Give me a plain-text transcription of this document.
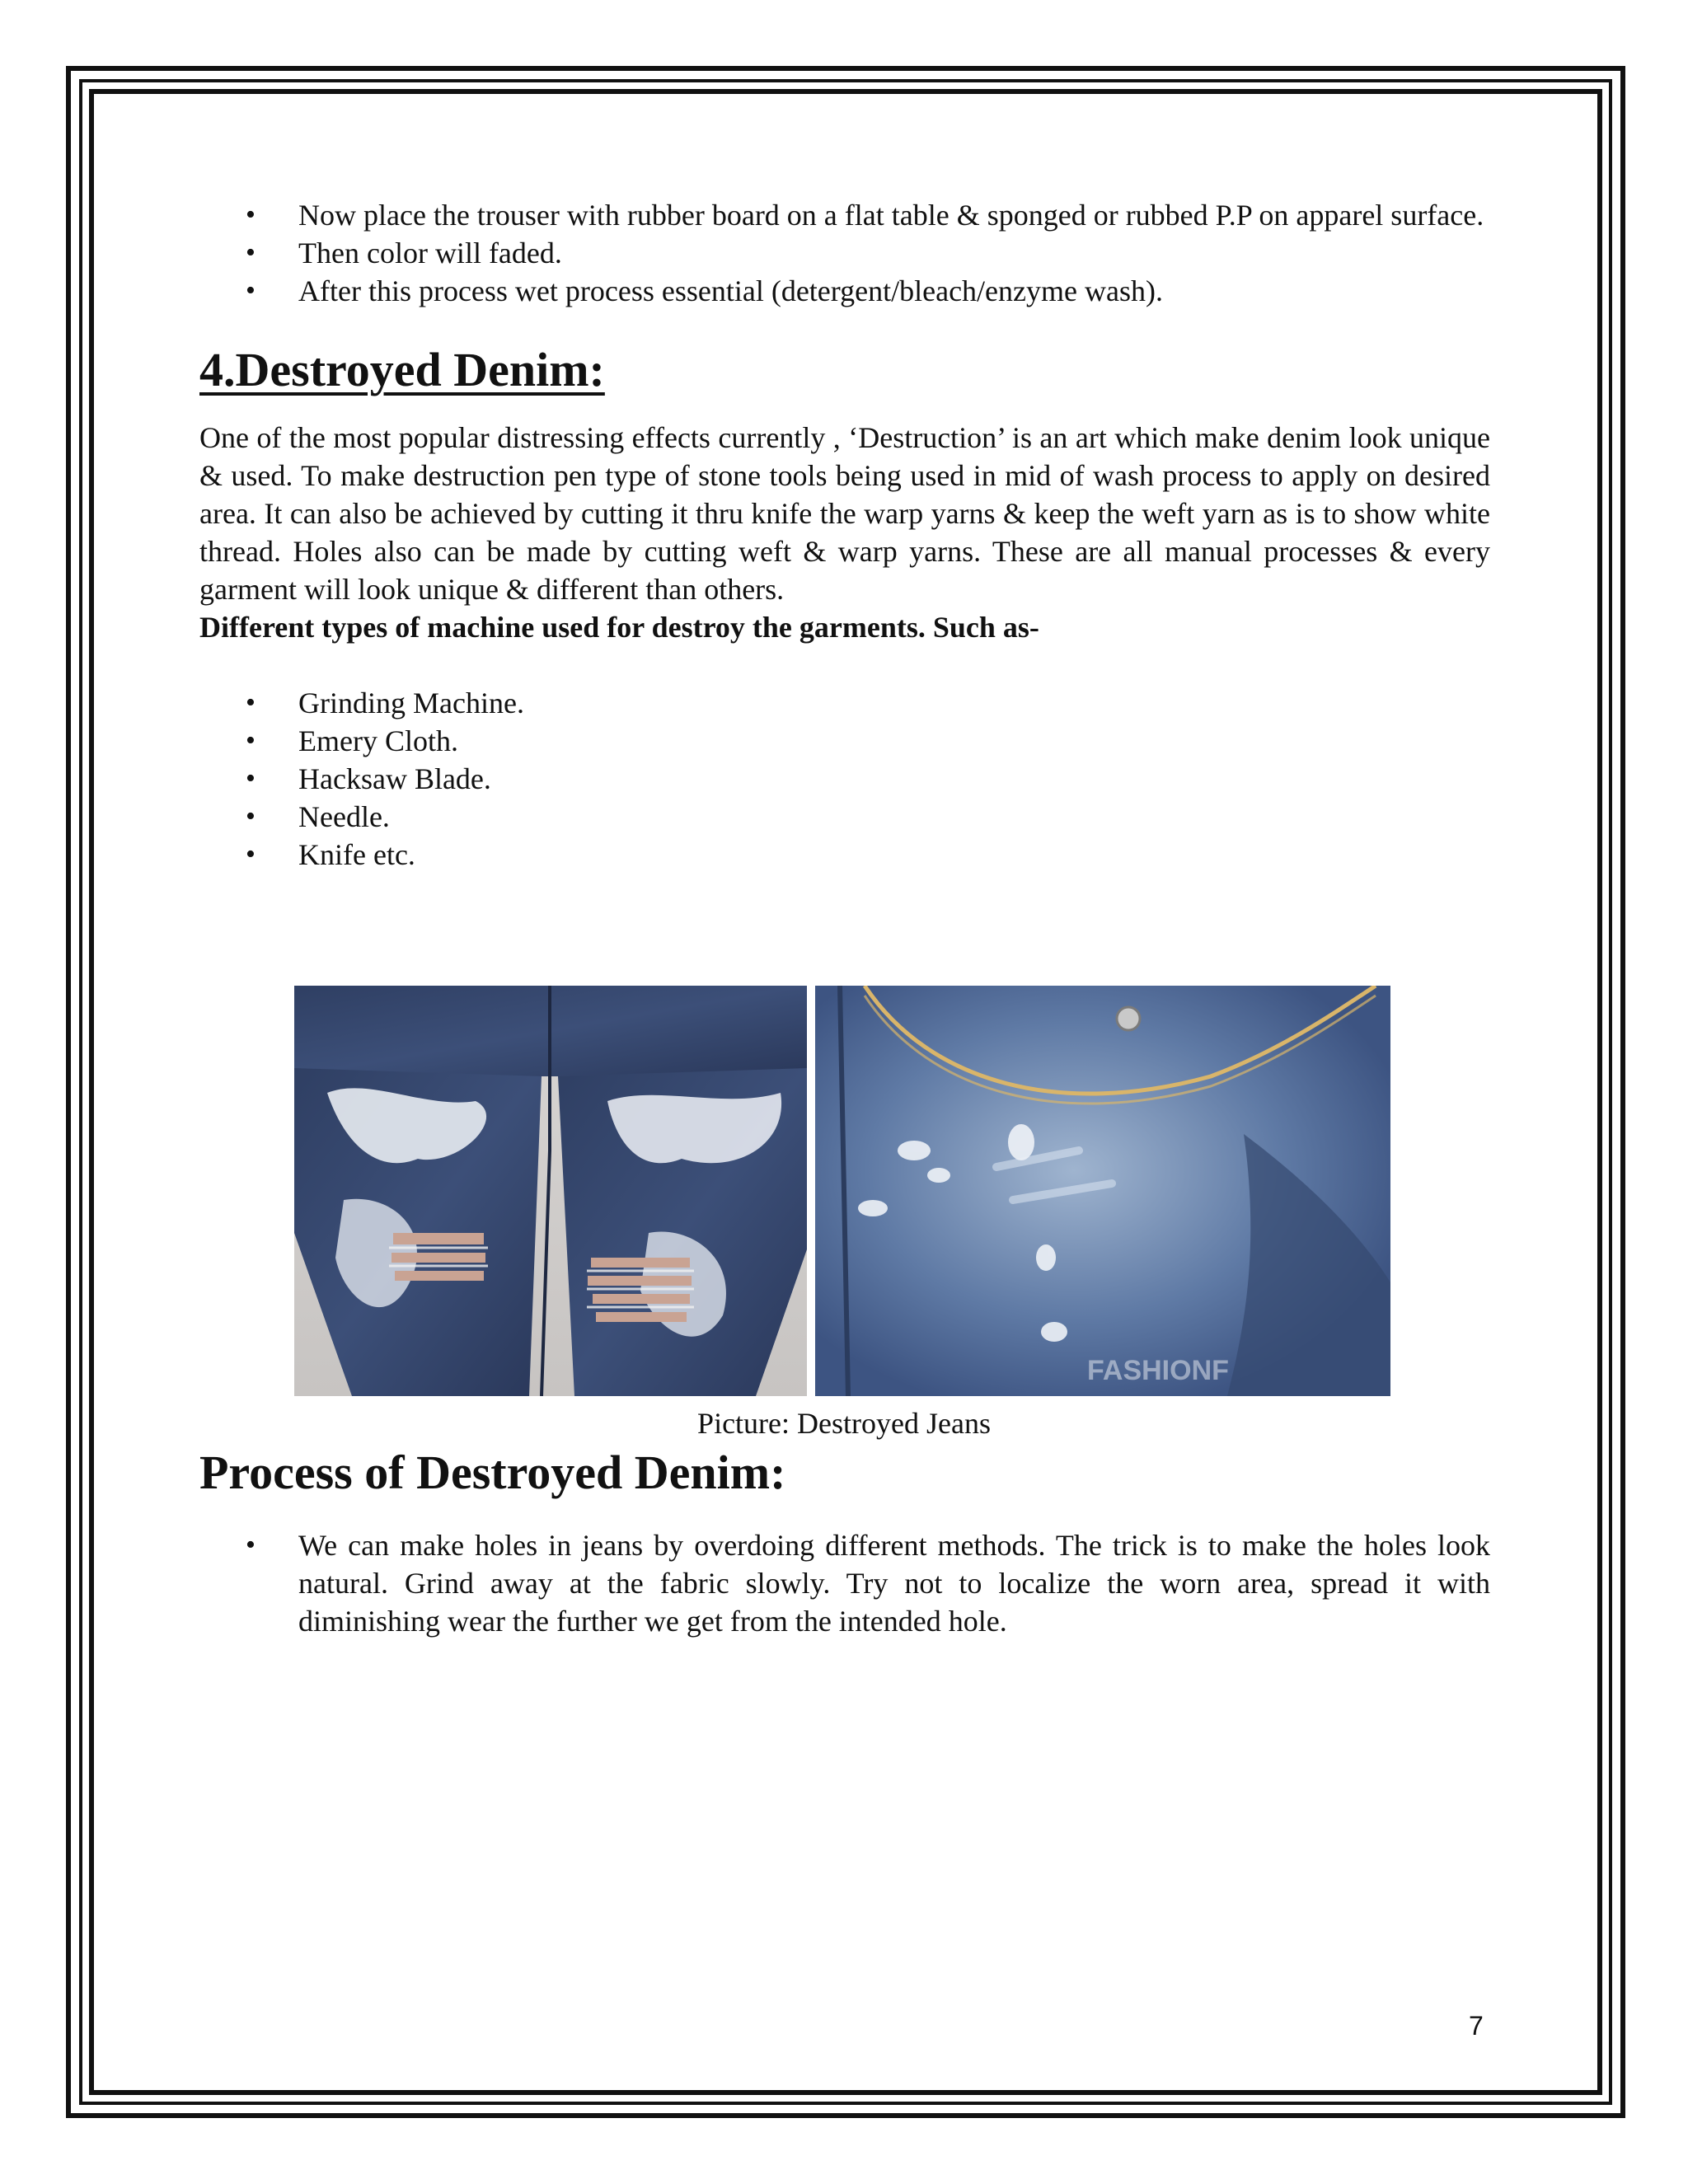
• Now place the trouser with rubber board on a flat table & sponged or rubbed P.P on apparel surface.
• Then color will faded.
• After this process wet process essential (detergent/bleach/enzyme wash).
4.Destroyed Denim:

One of the most popular distressing effects currently , ‘Destruction’ is an art which make denim look unique & used. To make destruction pen type of stone tools being used in mid of wash process to apply on desired area. It can also be achieved by cutting it thru knife the warp yarns & keep the weft yarn as is to show white thread. Holes also can be made by cutting weft & warp yarns. These are all manual processes & every garment will look unique & different than others.
Different types of machine used for destroy the garments. Such as-

• Grinding Machine.
• Emery Cloth.
• Hacksaw Blade.
• Needle.
• Knife etc.
FASHIONF
Picture: Destroyed Jeans
Process of Destroyed Denim:
• We can make holes in jeans by overdoing different methods. The trick is to make the holes look natural. Grind away at the fabric slowly. Try not to localize the worn area, spread it with diminishing wear the further we get from the intended hole.
7
